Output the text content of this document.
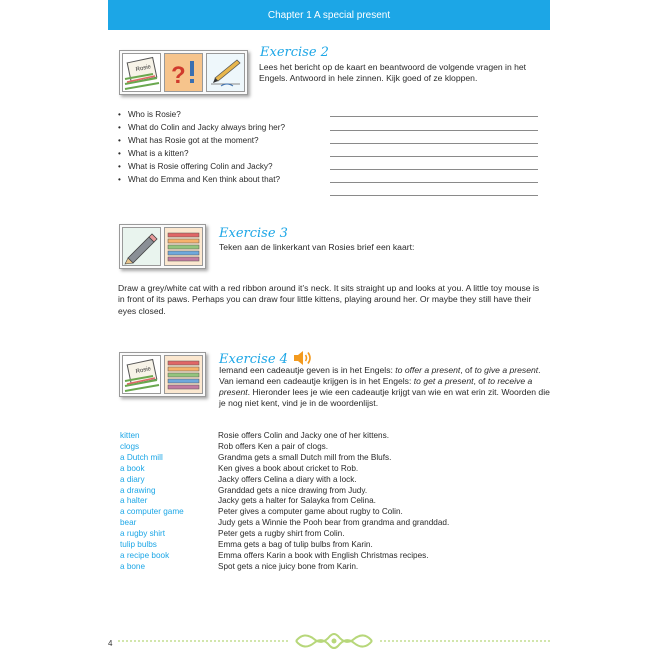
Chapter 1 A special present
Rosie ?
Exercise 2
Lees het bericht op de kaart en beantwoord de volgende vragen in het Engels. Antwoord in hele zinnen. Kijk goed of ze kloppen.
• Who is Rosie?
• What do Colin and Jacky always bring her?
• What has Rosie got at the moment?
• What is a kitten?
• What is Rosie offering Colin and Jacky?
• What do Emma and Ken think about that?
Exercise 3
Teken aan de linkerkant van Rosies brief een kaart:
Draw a grey/white cat with a red ribbon around it’s neck. It sits straight up and looks at you. A little toy mouse is in front of its paws. Perhaps you can draw four little kittens, playing around her. Or maybe they still have their eyes closed.
Rosie
Exercise 4
Iemand een cadeautje geven is in het Engels: to offer a present, of to give a present. Van iemand een cadeautje krijgen is in het Engels: to get a present, of to receive a present. Hieronder lees je wie een cadeautje krijgt van wie en wat erin zit. Woorden die je nog niet kent, vind je in de woordenlijst.
kitten
clogs
a Dutch mill
a book
a diary
a drawing
a halter
a computer game
bear
a rugby shirt
tulip bulbs
a recipe book
a bone
Rosie offers Colin and Jacky one of her kittens.
Rob offers Ken a pair of clogs.
Grandma gets a small Dutch mill from the Blufs.
Ken gives a book about cricket to Rob.
Jacky offers Celina a diary with a lock.
Granddad gets a nice drawing from Judy.
Jacky gets a halter for Salayka from Celina.
Peter gives a computer game about rugby to Colin.
Judy gets a Winnie the Pooh bear from grandma and granddad.
Peter gets a rugby shirt from Colin.
Emma gets a bag of tulip bulbs from Karin.
Emma offers Karin a book with English Christmas recipes.
Spot gets a nice juicy bone from Karin.
4
